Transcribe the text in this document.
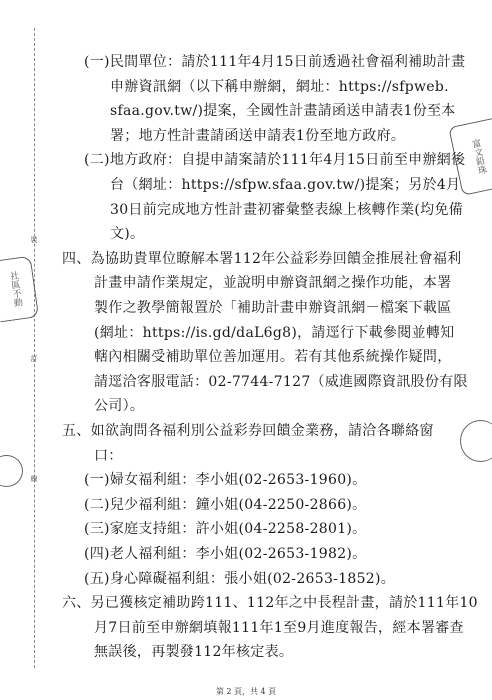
裝
訂
線
富文鉛珠
社區不動
(一)民間單位：請於111年4月15日前透過社會福利補助計畫
申辦資訊網（以下稱申辦網，網址：https://sfpweb.
sfaa.gov.tw/)提案，全國性計畫請函送申請表1份至本
署；地方性計畫請函送申請表1份至地方政府。
(二)地方政府：自提申請案請於111年4月15日前至申辦網後
台（網址：https://sfpw.sfaa.gov.tw/)提案；另於4月
30日前完成地方性計畫初審彙整表線上核轉作業(均免備
文)。
四、為協助貴單位瞭解本署112年公益彩券回饋金推展社會福利
計畫申請作業規定，並說明申辦資訊網之操作功能，本署
製作之教學簡報置於「補助計畫申辦資訊網－檔案下載區
(網址：https://is.gd/daL6g8)，請逕行下載參閱並轉知
轄內相關受補助單位善加運用。若有其他系統操作疑問，
請逕洽客服電話：02-7744-7127（威進國際資訊股份有限
公司）。
五、如欲詢問各福利別公益彩券回饋金業務，請洽各聯絡窗
口：
(一)婦女福利組：李小姐(02-2653-1960)。
(二)兒少福利組：鐘小姐(04-2250-2866)。
(三)家庭支持組：許小姐(04-2258-2801)。
(四)老人福利組：李小姐(02-2653-1982)。
(五)身心障礙福利組：張小姐(02-2653-1852)。
六、另已獲核定補助跨111、112年之中長程計畫，請於111年10
月7日前至申辦網填報111年1至9月進度報告，經本署審查
第 2 頁，共 4 頁
無誤後，再製發112年核定表。
